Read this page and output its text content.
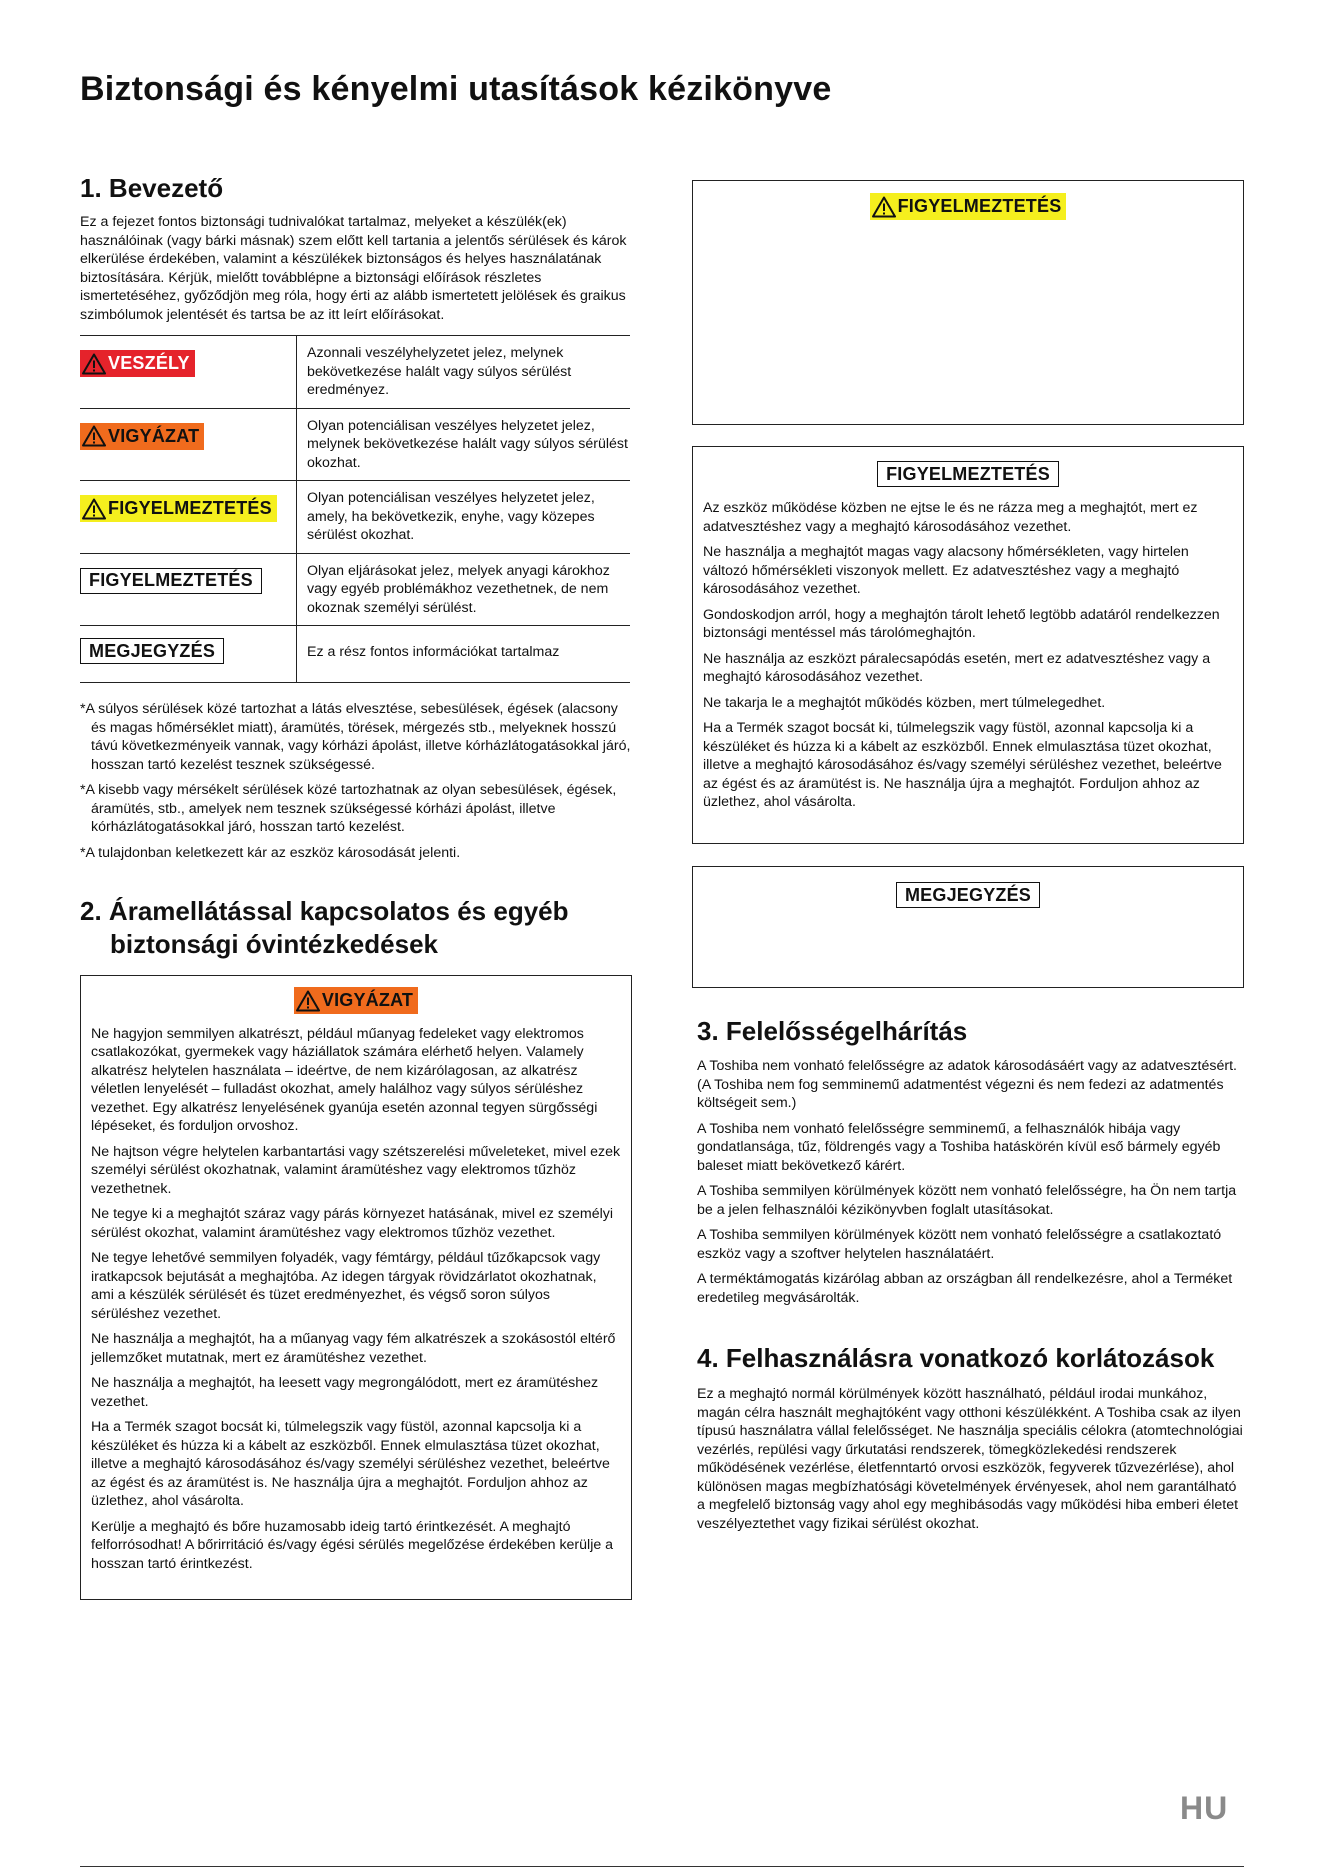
Biztonsági és kényelmi utasítások kézikönyve
1. Bevezető
Ez a fejezet fontos biztonsági tudnivalókat tartalmaz, melyeket a készülék(ek) használóinak (vagy bárki másnak) szem előtt kell tartania a jelentős sérülések és károk elkerülése érdekében, valamint a készülékek biztonságos és helyes használatának biztosítására. Kérjük, mielőtt továbblépne a biztonsági előírások részletes ismertetéséhez, győződjön meg róla, hogy érti az alább ismertetett jelölések és graikus szimbólumok jelentését és tartsa be az itt leírt előírásokat.
VESZÉLY	Azonnali veszélyhelyzetet jelez, melynek bekövetkezése halált vagy súlyos sérülést eredményez.

VIGYÁZAT	Olyan potenciálisan veszélyes helyzetet jelez, melynek bekövetkezése halált vagy súlyos sérülést okozhat.

FIGYELMEZTETÉS	Olyan potenciálisan veszélyes helyzetet jelez, amely, ha bekövetkezik, enyhe, vagy közepes sérülést okozhat.
FIGYELMEZTETÉS	Olyan eljárásokat jelez, melyek anyagi károkhoz vagy egyéb problémákhoz vezethetnek, de nem okoznak személyi sérülést.
MEGJEGYZÉS	Ez a rész fontos információkat tartalmaz

*A súlyos sérülések közé tartozhat a látás elvesztése, sebesülések, égések (alacsony és magas hőmérséklet miatt), áramütés, törések, mérgezés stb., melyeknek hosszú távú következményeik vannak, vagy kórházi ápolást, illetve kórházlátogatásokkal járó, hosszan tartó kezelést tesznek szükségessé.

*A kisebb vagy mérsékelt sérülések közé tartozhatnak az olyan sebesülések, égések, áramütés, stb., amelyek nem tesznek szükségessé kórházi ápolást, illetve kórházlátogatásokkal járó, hosszan tartó kezelést.

*A tulajdonban keletkezett kár az eszköz károsodását jelenti.

2. Áramellátással kapcsolatos és egyéb
biztonsági óvintézkedések
VIGYÁZAT

Ne hagyjon semmilyen alkatrészt, például műanyag fedeleket vagy elektromos csatlakozókat, gyermekek vagy háziállatok számára elérhető helyen. Valamely alkatrész helytelen használata – ideértve, de nem kizárólagosan, az alkatrész véletlen lenyelését – fulladást okozhat, amely halálhoz vagy súlyos sérüléshez vezethet. Egy alkatrész lenyelésének gyanúja esetén azonnal tegyen sürgősségi lépéseket, és forduljon orvoshoz.

Ne hajtson végre helytelen karbantartási vagy szétszerelési műveleteket, mivel ezek személyi sérülést okozhatnak, valamint áramütéshez vagy elektromos tűzhöz vezethetnek.

Ne tegye ki a meghajtót száraz vagy párás környezet hatásának, mivel ez személyi sérülést okozhat, valamint áramütéshez vagy elektromos tűzhöz vezethet.

Ne tegye lehetővé semmilyen folyadék, vagy fémtárgy, például tűzőkapcsok vagy iratkapcsok bejutását a meghajtóba. Az idegen tárgyak rövidzárlatot okozhatnak, ami a készülék sérülését és tüzet eredményezhet, és végső soron súlyos sérüléshez vezethet.

Ne használja a meghajtót, ha a műanyag vagy fém alkatrészek a szokásostól eltérő jellemzőket mutatnak, mert ez áramütéshez vezethet.

Ne használja a meghajtót, ha leesett vagy megrongálódott, mert ez áramütéshez vezethet.

Ha a Termék szagot bocsát ki, túlmelegszik vagy füstöl, azonnal kapcsolja ki a készüléket és húzza ki a kábelt az eszközből. Ennek elmulasztása tüzet okozhat, illetve a meghajtó károsodásához és/vagy személyi sérüléshez vezethet, beleértve az égést és az áramütést is. Ne használja újra a meghajtót. Forduljon ahhoz az üzlethez, ahol vásárolta.

Kerülje a meghajtó és bőre huzamosabb ideig tartó érintkezését. A meghajtó felforrósodhat! A bőrirritáció és/vagy égési sérülés megelőzése érdekében kerülje a hosszan tartó érintkezést.

FIGYELMEZTETÉS
FIGYELMEZTETÉS

Az eszköz működése közben ne ejtse le és ne rázza meg a meghajtót, mert ez adatvesztéshez vagy a meghajtó károsodásához vezethet.

Ne használja a meghajtót magas vagy alacsony hőmérsékleten, vagy hirtelen változó hőmérsékleti viszonyok mellett. Ez adatvesztéshez vagy a meghajtó károsodásához vezethet.

Gondoskodjon arról, hogy a meghajtón tárolt lehető legtöbb adatáról rendelkezzen biztonsági mentéssel más tárolómeghajtón.

Ne használja az eszközt páralecsapódás esetén, mert ez adatvesztéshez vagy a meghajtó károsodásához vezethet.

Ne takarja le a meghajtót működés közben, mert túlmelegedhet.

Ha a Termék szagot bocsát ki, túlmelegszik vagy füstöl, azonnal kapcsolja ki a készüléket és húzza ki a kábelt az eszközből. Ennek elmulasztása tüzet okozhat, illetve a meghajtó károsodásához és/vagy személyi sérüléshez vezethet, beleértve az égést és az áramütést is. Ne használja újra a meghajtót. Forduljon ahhoz az üzlethez, ahol vásárolta.

MEGJEGYZÉS
3. Felelősségelhárítás

A Toshiba nem vonható felelősségre az adatok károsodásáért vagy az adatvesztésért. (A Toshiba nem fog semminemű adatmentést végezni és nem fedezi az adatmentés költségeit sem.)

A Toshiba nem vonható felelősségre semminemű, a felhasználók hibája vagy gondatlansága, tűz, földrengés vagy a Toshiba hatáskörén kívül eső bármely egyéb baleset miatt bekövetkező kárért.

A Toshiba semmilyen körülmények között nem vonható felelősségre, ha Ön nem tartja be a jelen felhasználói kézikönyvben foglalt utasításokat.

A Toshiba semmilyen körülmények között nem vonható felelősségre a csatlakoztató eszköz vagy a szoftver helytelen használatáért.

A terméktámogatás kizárólag abban az országban áll rendelkezésre, ahol a Terméket eredetileg megvásárolták.

4. Felhasználásra vonatkozó korlátozások
Ez a meghajtó normál körülmények között használható, például irodai munkához, magán célra használt meghajtóként vagy otthoni készülékként. A Toshiba csak az ilyen típusú használatra vállal felelősséget. Ne használja speciális célokra (atomtechnológiai vezérlés, repülési vagy űrkutatási rendszerek, tömegközlekedési rendszerek működésének vezérlése, életfenntartó orvosi eszközök, fegyverek tűzvezérlése), ahol különösen magas megbízhatósági követelmények érvényesek, ahol nem garantálható a megfelelő biztonság vagy ahol egy meghibásodás vagy működési hiba emberi életet veszélyeztethet vagy fizikai sérülést okozhat.
HU
